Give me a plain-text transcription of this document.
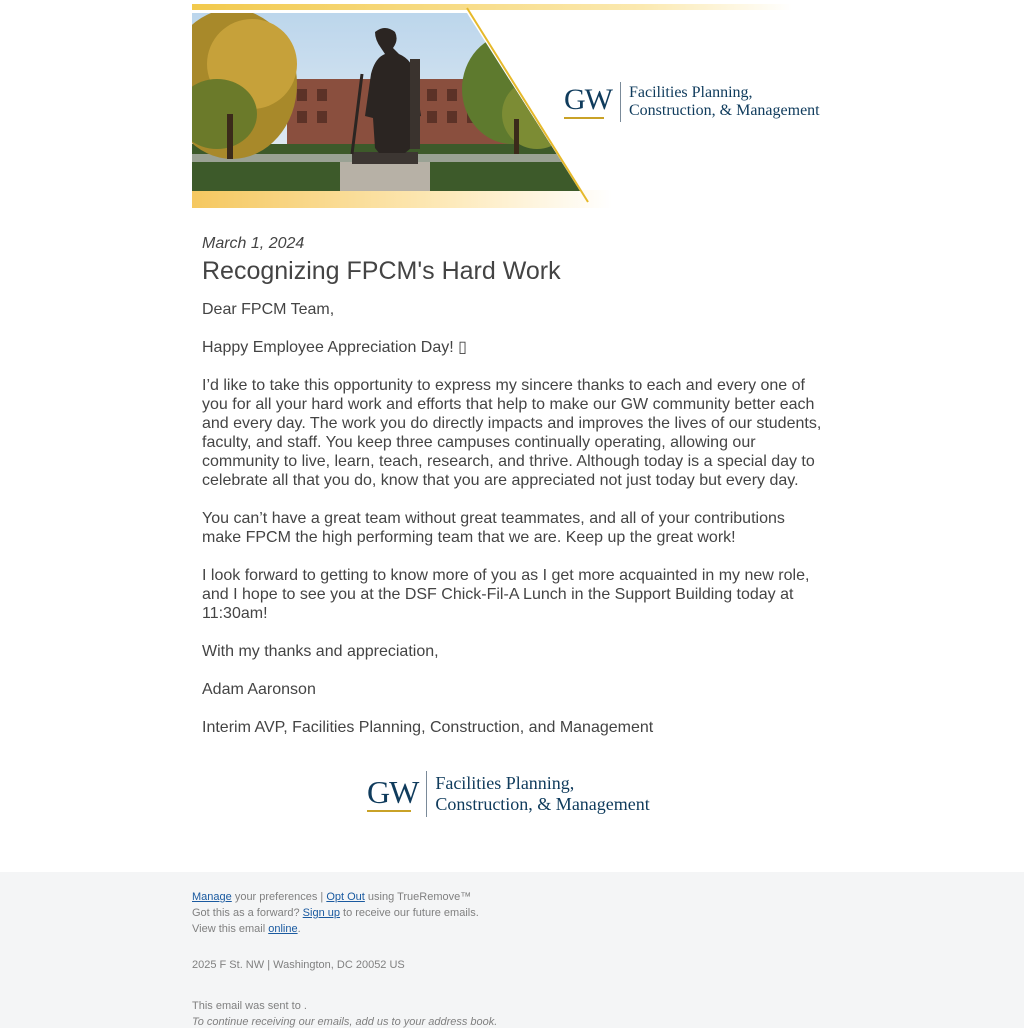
GW Facilities Planning,
Construction, & Management

March 1, 2024

Recognizing FPCM's Hard Work

Dear FPCM Team,

Happy Employee Appreciation Day! ▯

I’d like to take this opportunity to express my sincere thanks to each and every one of you for all your hard work and efforts that help to make our GW community better each and every day. The work you do directly impacts and improves the lives of our students, faculty, and staff. You keep three campuses continually operating, allowing our community to live, learn, teach, research, and thrive. Although today is a special day to celebrate all that you do, know that you are appreciated not just today but every day.

You can’t have a great team without great teammates, and all of your contributions make FPCM the high performing team that we are. Keep up the great work!

I look forward to getting to know more of you as I get more acquainted in my new role, and I hope to see you at the DSF Chick-Fil-A Lunch in the Support Building today at 11:30am!

With my thanks and appreciation,

Adam Aaronson

Interim AVP, Facilities Planning, Construction, and Management

GW Facilities Planning,
Construction, & Management
Manage your preferences | Opt Out using TrueRemove™
Got this as a forward? Sign up to receive our future emails.
View this email online.
2025 F St. NW | Washington, DC 20052 US
This email was sent to .
To continue receiving our emails, add us to your address book.
